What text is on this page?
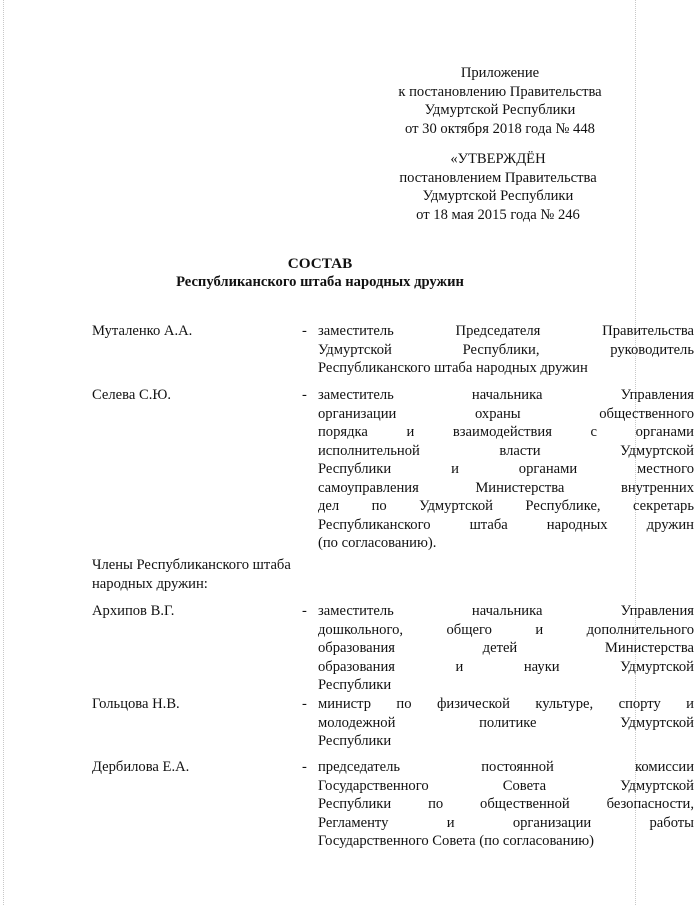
Приложение
к постановлению Правительства
Удмуртской Республики
от 30 октября 2018 года № 448
«УТВЕРЖДЁН
постановлением Правительства
Удмуртской Республики
от 18 мая 2015 года № 246
СОСТАВ
Республиканского штаба народных дружин
Муталенко А.А.	- заместитель Председателя Правительства
Удмуртской Республики, руководитель
Республиканского штаба народных дружин
Селева С.Ю.	- заместитель начальника Управления
организации охраны общественного
порядка и взаимодействия с органами
исполнительной власти Удмуртской
Республики и органами местного
самоуправления Министерства внутренних
дел по Удмуртской Республике, секретарь
Республиканского штаба народных дружин
(по согласованию).
Члены Республиканского штаба
народных дружин:
Архипов В.Г.	- заместитель начальника Управления
дошкольного, общего и дополнительного
образования детей Министерства
образования и науки Удмуртской
Республики
Гольцова Н.В.	- министр по физической культуре, спорту и
молодежной политике Удмуртской
Республики
Дербилова Е.А.	- председатель постоянной комиссии
Государственного Совета Удмуртской
Республики по общественной безопасности,
Регламенту и организации работы
Государственного Совета (по согласованию)
